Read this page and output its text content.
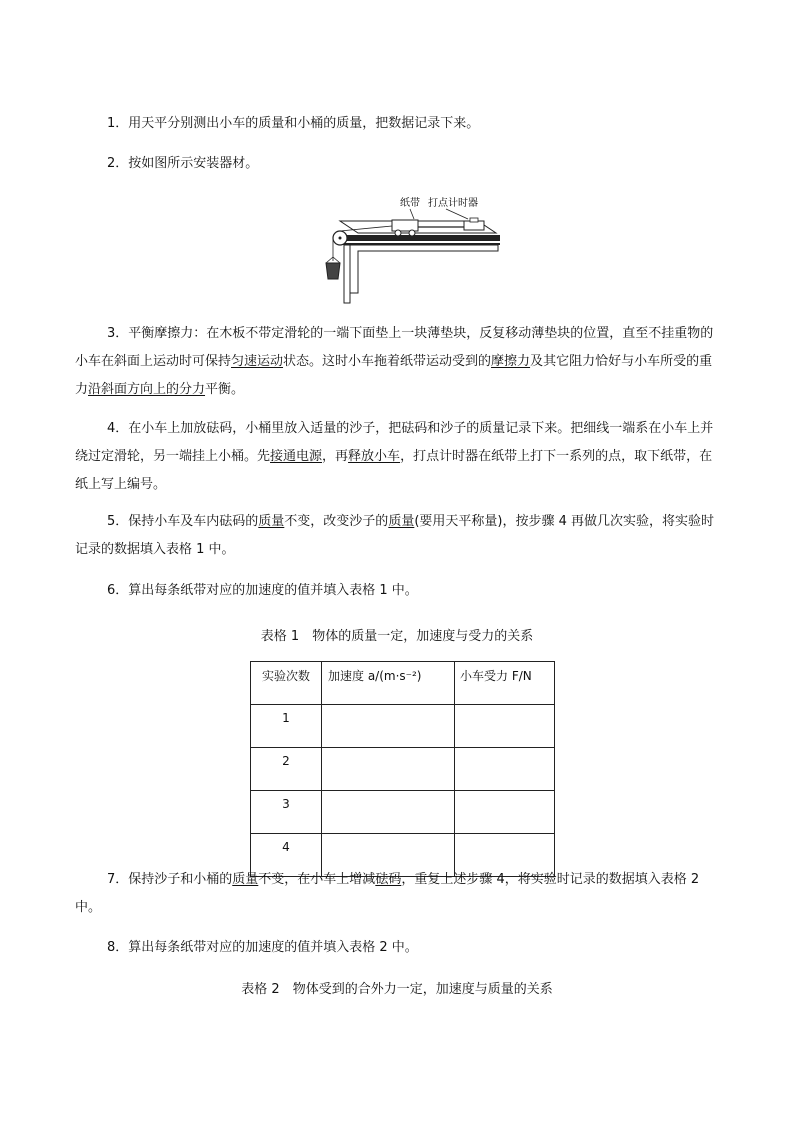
1．用天平分别测出小车的质量和小桶的质量，把数据记录下来。
2．按如图所示安装器材。
纸带 打点计时器
3．平衡摩擦力：在木板不带定滑轮的一端下面垫上一块薄垫块，反复移动薄垫块的位置，直至不挂重物的小车在斜面上运动时可保持匀速运动状态。这时小车拖着纸带运动受到的摩擦力及其它阻力恰好与小车所受的重力沿斜面方向上的分力平衡。
4．在小车上加放砝码，小桶里放入适量的沙子，把砝码和沙子的质量记录下来。把细线一端系在小车上并绕过定滑轮，另一端挂上小桶。先接通电源，再释放小车，打点计时器在纸带上打下一系列的点，取下纸带，在纸上写上编号。
5．保持小车及车内砝码的质量不变，改变沙子的质量(要用天平称量)，按步骤 4 再做几次实验，将实验时记录的数据填入表格 1 中。
6．算出每条纸带对应的加速度的值并填入表格 1 中。
表格 1　物体的质量一定，加速度与受力的关系
实验次数	加速度 a/(m·s⁻²)	小车受力 F/N
1		
2		
3		
4		
7．保持沙子和小桶的质量不变，在小车上增减砝码，重复上述步骤 4，将实验时记录的数据填入表格 2 中。
8．算出每条纸带对应的加速度的值并填入表格 2 中。
表格 2　物体受到的合外力一定，加速度与质量的关系
